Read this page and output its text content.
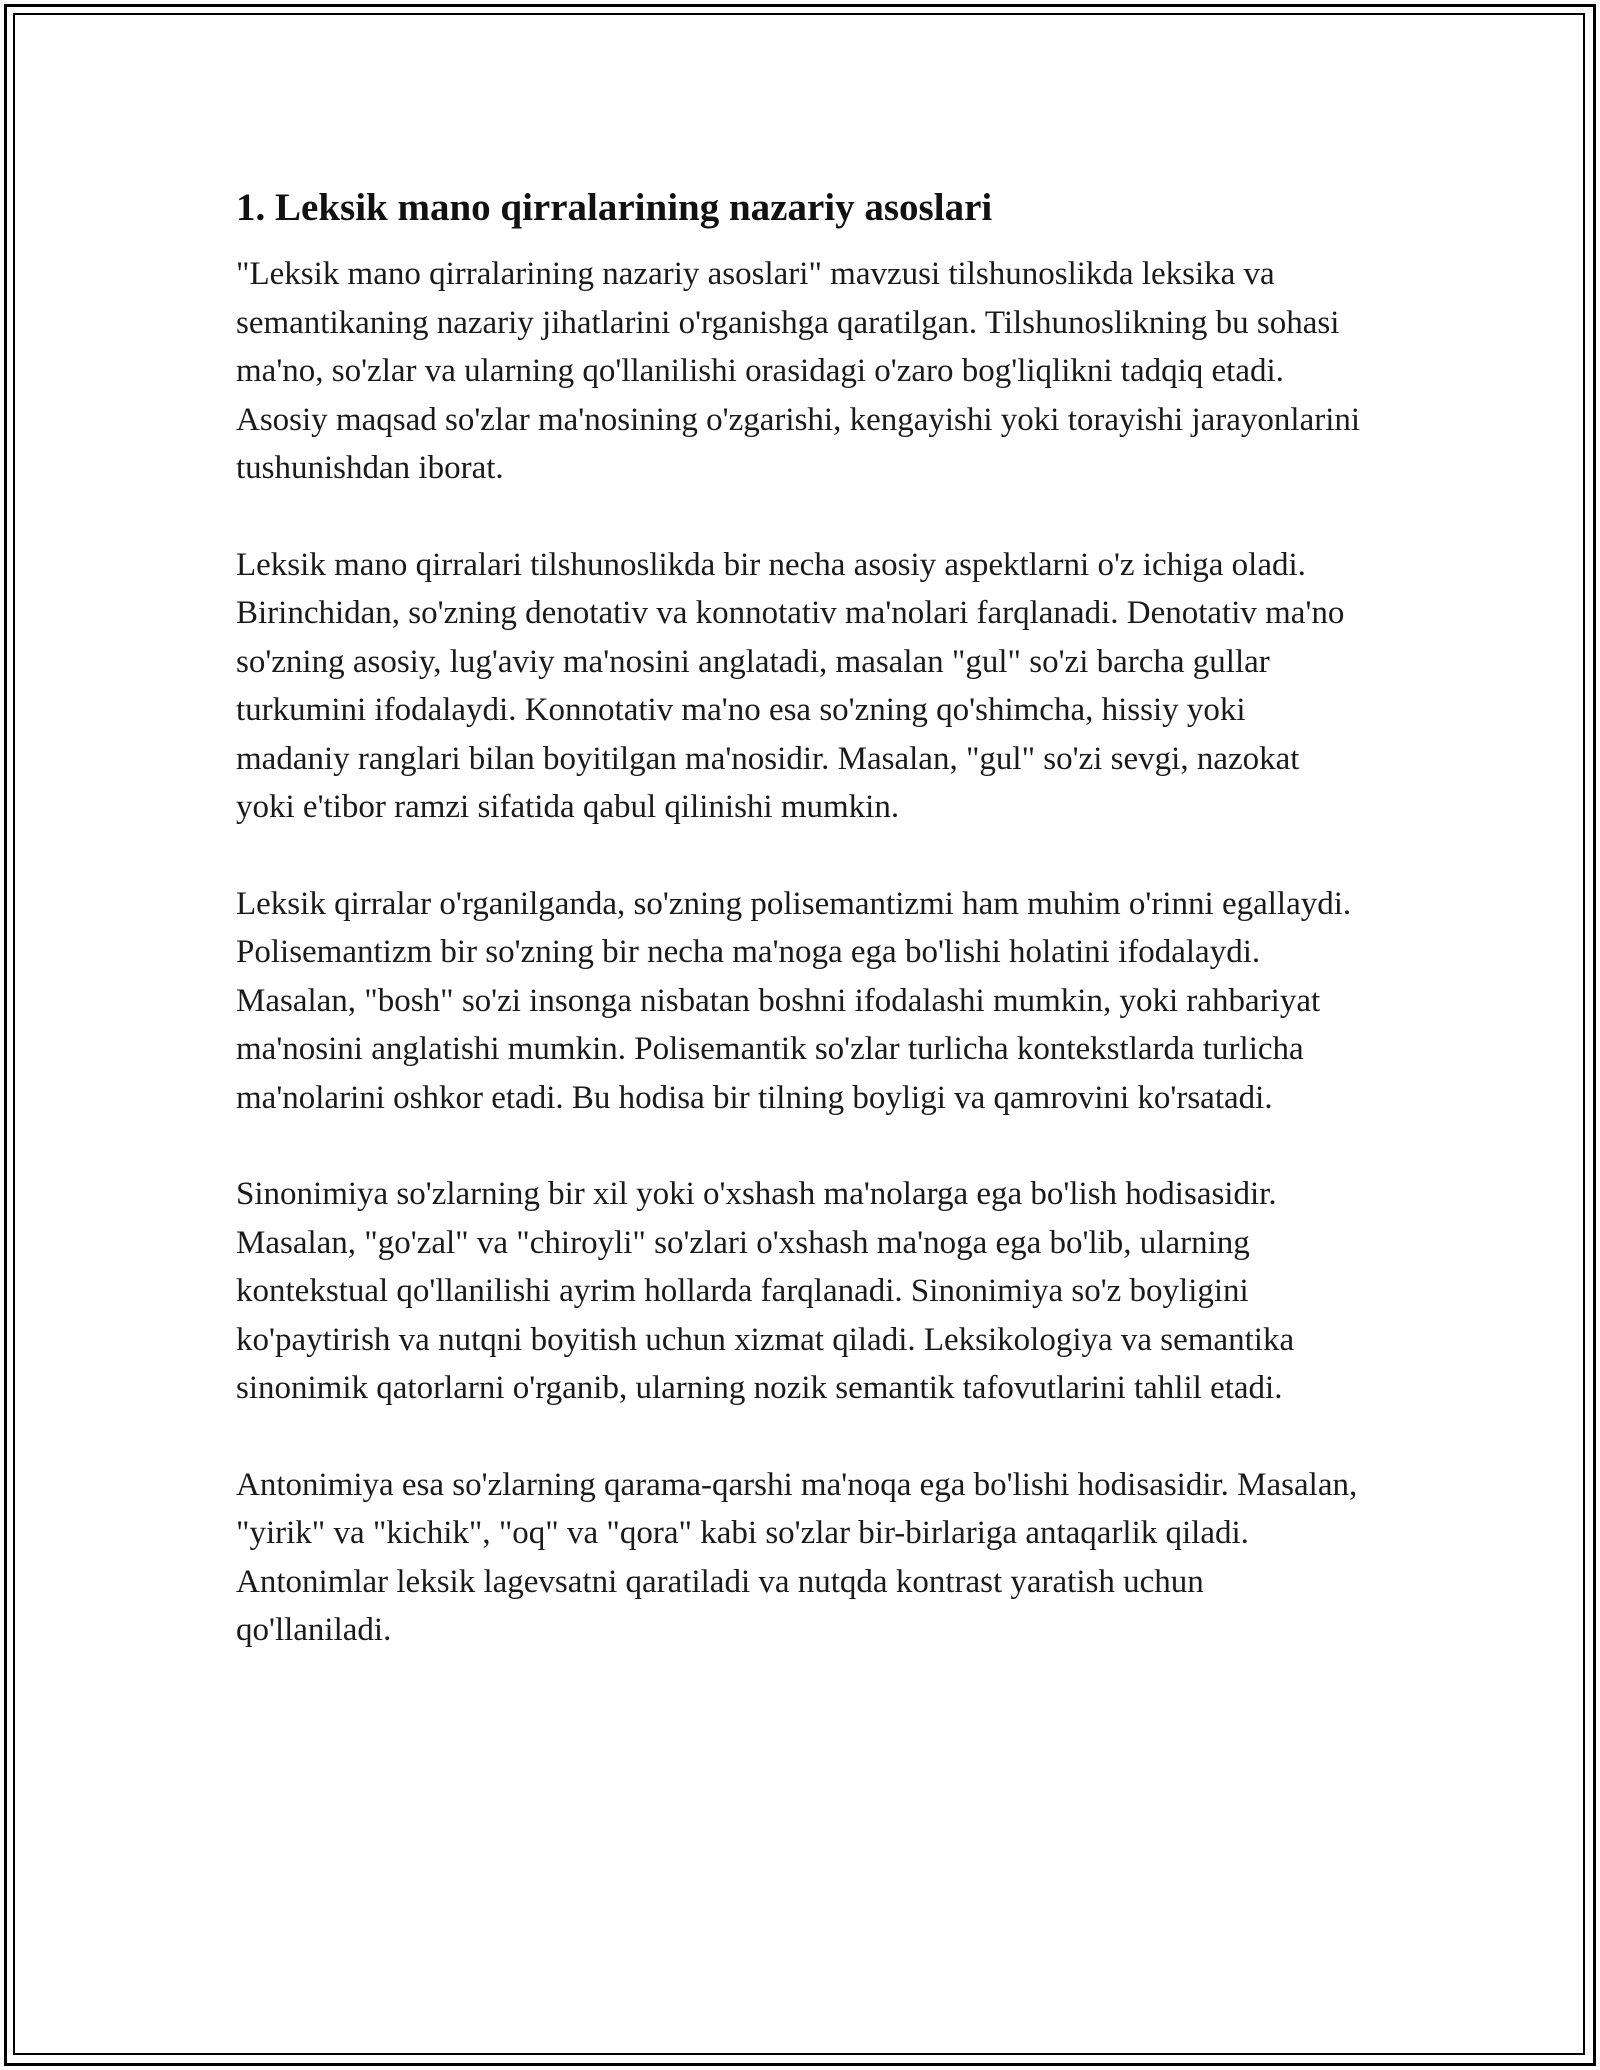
1. Leksik mano qirralarining nazariy asoslari

"Leksik mano qirralarining nazariy asoslari" mavzusi tilshunoslikda leksika va semantikaning nazariy jihatlarini o'rganishga qaratilgan. Tilshunoslikning bu sohasi ma'no, so'zlar va ularning qo'llanilishi orasidagi o'zaro bog'liqlikni tadqiq etadi. Asosiy maqsad so'zlar ma'nosining o'zgarishi, kengayishi yoki torayishi jarayonlarini tushunishdan iborat.

Leksik mano qirralari tilshunoslikda bir necha asosiy aspektlarni o'z ichiga oladi. Birinchidan, so'zning denotativ va konnotativ ma'nolari farqlanadi. Denotativ ma'no so'zning asosiy, lug'aviy ma'nosini anglatadi, masalan "gul" so'zi barcha gullar turkumini ifodalaydi. Konnotativ ma'no esa so'zning qo'shimcha, hissiy yoki madaniy ranglari bilan boyitilgan ma'nosidir. Masalan, "gul" so'zi sevgi, nazokat yoki e'tibor ramzi sifatida qabul qilinishi mumkin.

Leksik qirralar o'rganilganda, so'zning polisemantizmi ham muhim o'rinni egallaydi. Polisemantizm bir so'zning bir necha ma'noga ega bo'lishi holatini ifodalaydi. Masalan, "bosh" so'zi insonga nisbatan boshni ifodalashi mumkin, yoki rahbariyat ma'nosini anglatishi mumkin. Polisemantik so'zlar turlicha kontekstlarda turlicha ma'nolarini oshkor etadi. Bu hodisa bir tilning boyligi va qamrovini ko'rsatadi.

Sinonimiya so'zlarning bir xil yoki o'xshash ma'nolarga ega bo'lish hodisasidir. Masalan, "go'zal" va "chiroyli" so'zlari o'xshash ma'noga ega bo'lib, ularning kontekstual qo'llanilishi ayrim hollarda farqlanadi. Sinonimiya so'z boyligini ko'paytirish va nutqni boyitish uchun xizmat qiladi. Leksikologiya va semantika sinonimik qatorlarni o'rganib, ularning nozik semantik tafovutlarini tahlil etadi.

Antonimiya esa so'zlarning qarama-qarshi ma'noqa ega bo'lishi hodisasidir. Masalan, "yirik" va "kichik", "oq" va "qora" kabi so'zlar bir-birlariga antaqarlik qiladi. Antonimlar leksik lagevsatni qaratiladi va nutqda kontrast yaratish uchun qo'llaniladi.
